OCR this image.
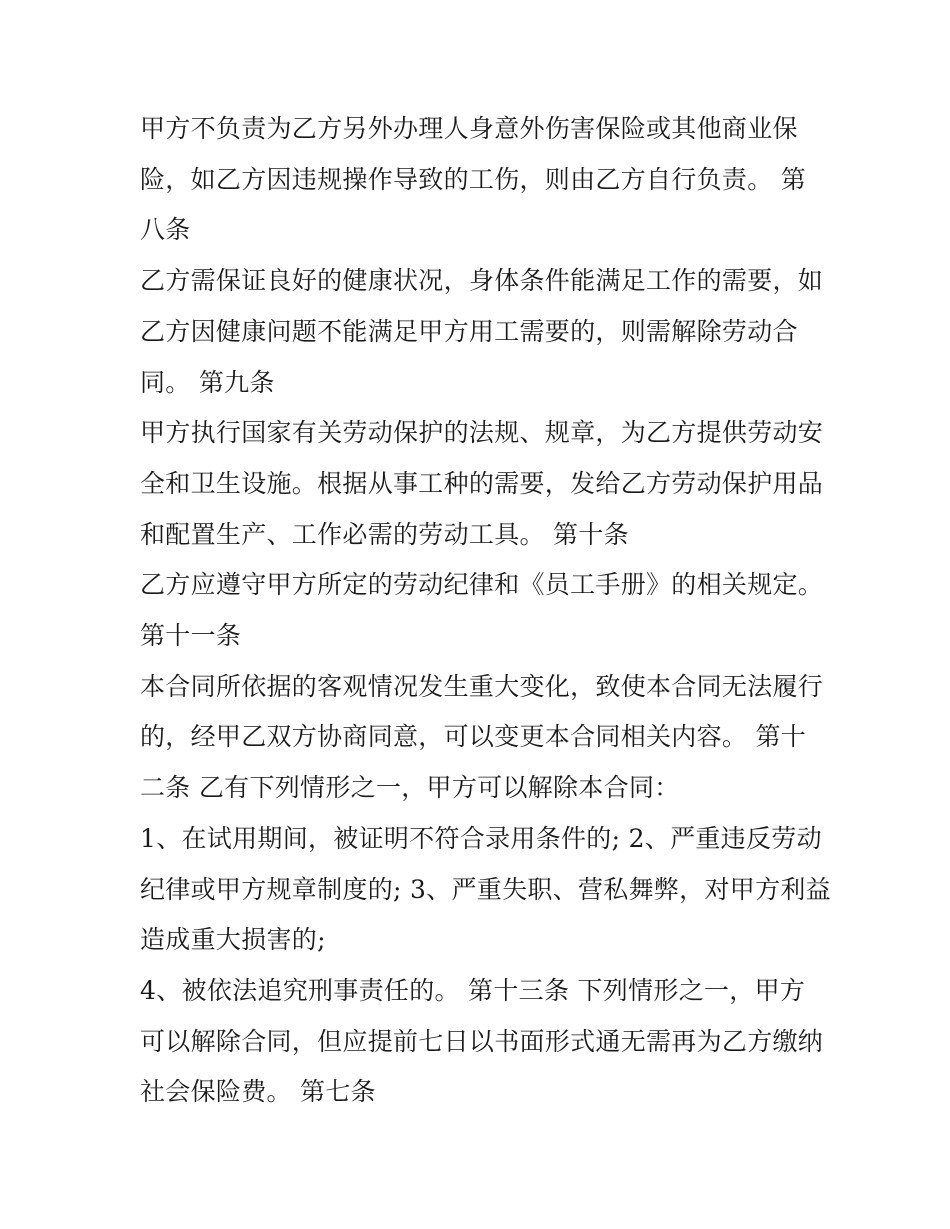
甲方不负责为乙方另外办理人身意外伤害保险或其他商业保

险，如乙方因违规操作导致的工伤，则由乙方自行负责。 第

八条

乙方需保证良好的健康状况，身体条件能满足工作的需要，如

乙方因健康问题不能满足甲方用工需要的，则需解除劳动合

同。 第九条

甲方执行国家有关劳动保护的法规、规章，为乙方提供劳动安

全和卫生设施。根据从事工种的需要，发给乙方劳动保护用品

和配置生产、工作必需的劳动工具。 第十条

乙方应遵守甲方所定的劳动纪律和《员工手册》的相关规定。

第十一条

本合同所依据的客观情况发生重大变化，致使本合同无法履行

的，经甲乙双方协商同意，可以变更本合同相关内容。 第十

二条 乙有下列情形之一，甲方可以解除本合同：

1、在试用期间，被证明不符合录用条件的; 2、严重违反劳动

纪律或甲方规章制度的; 3、严重失职、营私舞弊，对甲方利益

造成重大损害的;

4、被依法追究刑事责任的。 第十三条 下列情形之一，甲方

可以解除合同，但应提前七日以书面形式通无需再为乙方缴纳

社会保险费。 第七条
